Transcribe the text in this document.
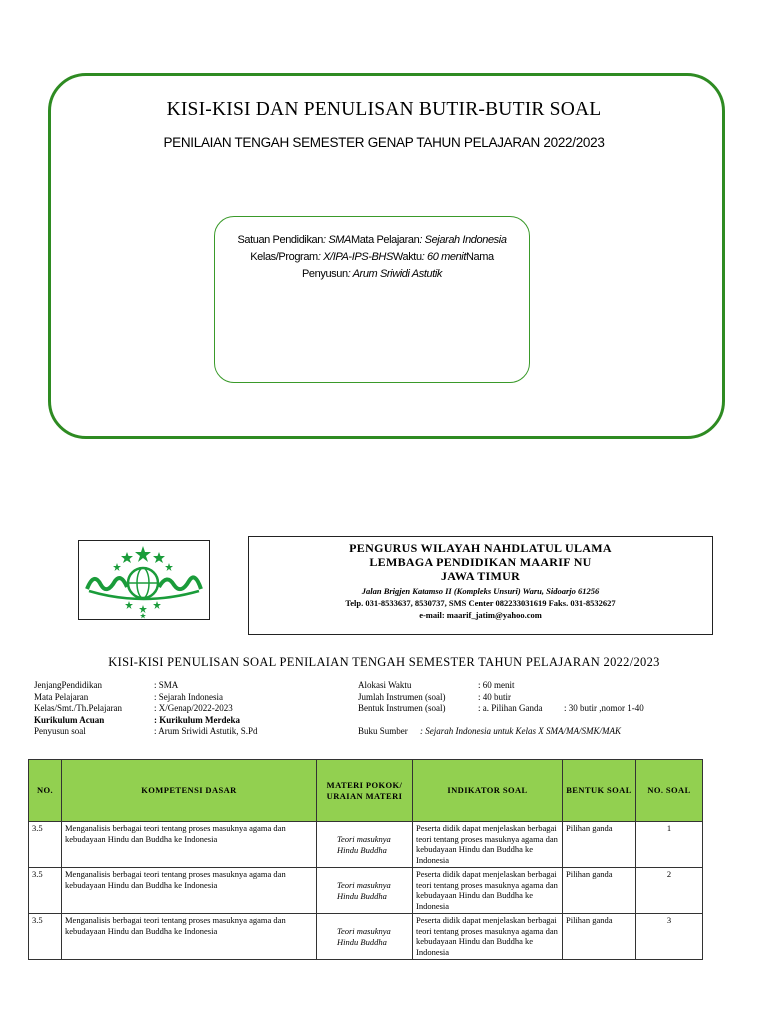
KISI-KISI DAN PENULISAN BUTIR-BUTIR SOAL
PENILAIAN TENGAH SEMESTER GENAP TAHUN PELAJARAN 2022/2023
Satuan Pendidikan: SMAMata Pelajaran: Sejarah Indonesia
Kelas/Program: X/IPA-IPS-BHSWaktu: 60 menitNama
Penyusun: Arum Sriwidi Astutik
PENGURUS WILAYAH NAHDLATUL ULAMA
LEMBAGA PENDIDIKAN MAARIF NU
JAWA TIMUR
Jalan Brigjen Katamso II (Kompleks Unsuri) Waru, Sidoarjo 61256
Telp. 031-8533637, 8530737, SMS Center 082233031619 Faks. 031-8532627
e-mail: maarif_jatim@yahoo.com
KISI-KISI PENULISAN SOAL PENILAIAN TENGAH SEMESTER TAHUN PELAJARAN 2022/2023
JenjangPendidikan	: SMA
Mata Pelajaran	: Sejarah Indonesia
Kelas/Smt./Th.Pelajaran	: X/Genap/2022-2023
Kurikulum Acuan	: Kurikulum Merdeka
Penyusun soal	: Arum Sriwidi Astutik, S.Pd
Alokasi Waktu	: 60 menit
Jumlah Instrumen (soal)	: 40 butir
Bentuk Instrumen (soal)	: a. Pilihan Ganda	: 30 butir ,nomor 1-40
Buku Sumber	: Sejarah Indonesia untuk Kelas X SMA/MA/SMK/MAK
NO.	KOMPETENSI DASAR	MATERI POKOK/ URAIAN MATERI	INDIKATOR SOAL	BENTUK SOAL	NO. SOAL
3.5	Menganalisis berbagai teori tentang proses masuknya agama dan kebudayaan Hindu dan Buddha ke Indonesia	Teori masuknya Hindu Buddha	Peserta didik dapat menjelaskan berbagai teori tentang proses masuknya agama dan kebudayaan Hindu dan Buddha ke Indonesia	Pilihan ganda	1
3.5	Menganalisis berbagai teori tentang proses masuknya agama dan kebudayaan Hindu dan Buddha ke Indonesia	Teori masuknya Hindu Buddha	Peserta didik dapat menjelaskan berbagai teori tentang proses masuknya agama dan kebudayaan Hindu dan Buddha ke Indonesia	Pilihan ganda	2
3.5	Menganalisis berbagai teori tentang proses masuknya agama dan kebudayaan Hindu dan Buddha ke Indonesia	Teori masuknya Hindu Buddha	Peserta didik dapat menjelaskan berbagai teori tentang proses masuknya agama dan kebudayaan Hindu dan Buddha ke Indonesia	Pilihan ganda	3
